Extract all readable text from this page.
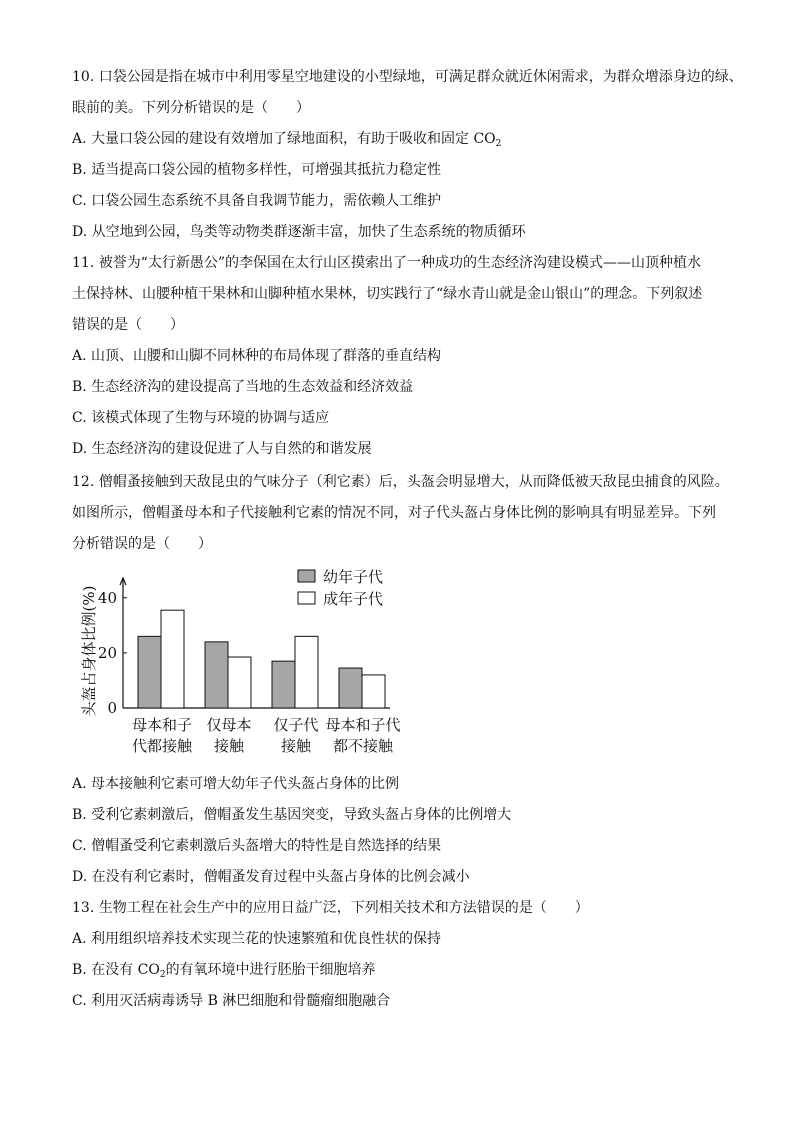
10. 口袋公园是指在城市中利用零星空地建设的小型绿地，可满足群众就近休闲需求，为群众增添身边的绿、
眼前的美。下列分析错误的是（　　）
A. 大量口袋公园的建设有效增加了绿地面积，有助于吸收和固定 $CO_2$
B. 适当提高口袋公园的植物多样性，可增强其抵抗力稳定性
C. 口袋公园生态系统不具备自我调节能力，需依赖人工维护
D. 从空地到公园，鸟类等动物类群逐渐丰富，加快了生态系统的物质循环
11. 被誉为“太行新愚公”的李保国在太行山区摸索出了一种成功的生态经济沟建设模式——山顶种植水
土保持林、山腰种植干果林和山脚种植水果林，切实践行了“绿水青山就是金山银山”的理念。下列叙述
错误的是（　　）
A. 山顶、山腰和山脚不同林种的布局体现了群落的垂直结构
B. 生态经济沟的建设提高了当地的生态效益和经济效益
C. 该模式体现了生物与环境的协调与适应
D. 生态经济沟的建设促进了人与自然的和谐发展
12. 僧帽蚤接触到天敌昆虫的气味分子（利它素）后，头盔会明显增大，从而降低被天敌昆虫捕食的风险。
如图所示，僧帽蚤母本和子代接触利它素的情况不同，对子代头盔占身体比例的影响具有明显差异。下列
分析错误的是（　　）
0
20
40
头盔占身体比例(%)
母本和子
代都接触
仅母本
接触
仅子代
接触
母本和子代
都不接触
幼年子代
成年子代
A. 母本接触利它素可增大幼年子代头盔占身体的比例
B. 受利它素刺激后，僧帽蚤发生基因突变，导致头盔占身体的比例增大
C. 僧帽蚤受利它素刺激后头盔增大的特性是自然选择的结果
D. 在没有利它素时，僧帽蚤发育过程中头盔占身体的比例会减小
13. 生物工程在社会生产中的应用日益广泛，下列相关技术和方法错误的是（　　）
A. 利用组织培养技术实现兰花的快速繁殖和优良性状的保持
B. 在没有 $CO_2$的有氧环境中进行胚胎干细胞培养
C. 利用灭活病毒诱导 B 淋巴细胞和骨髓瘤细胞融合
